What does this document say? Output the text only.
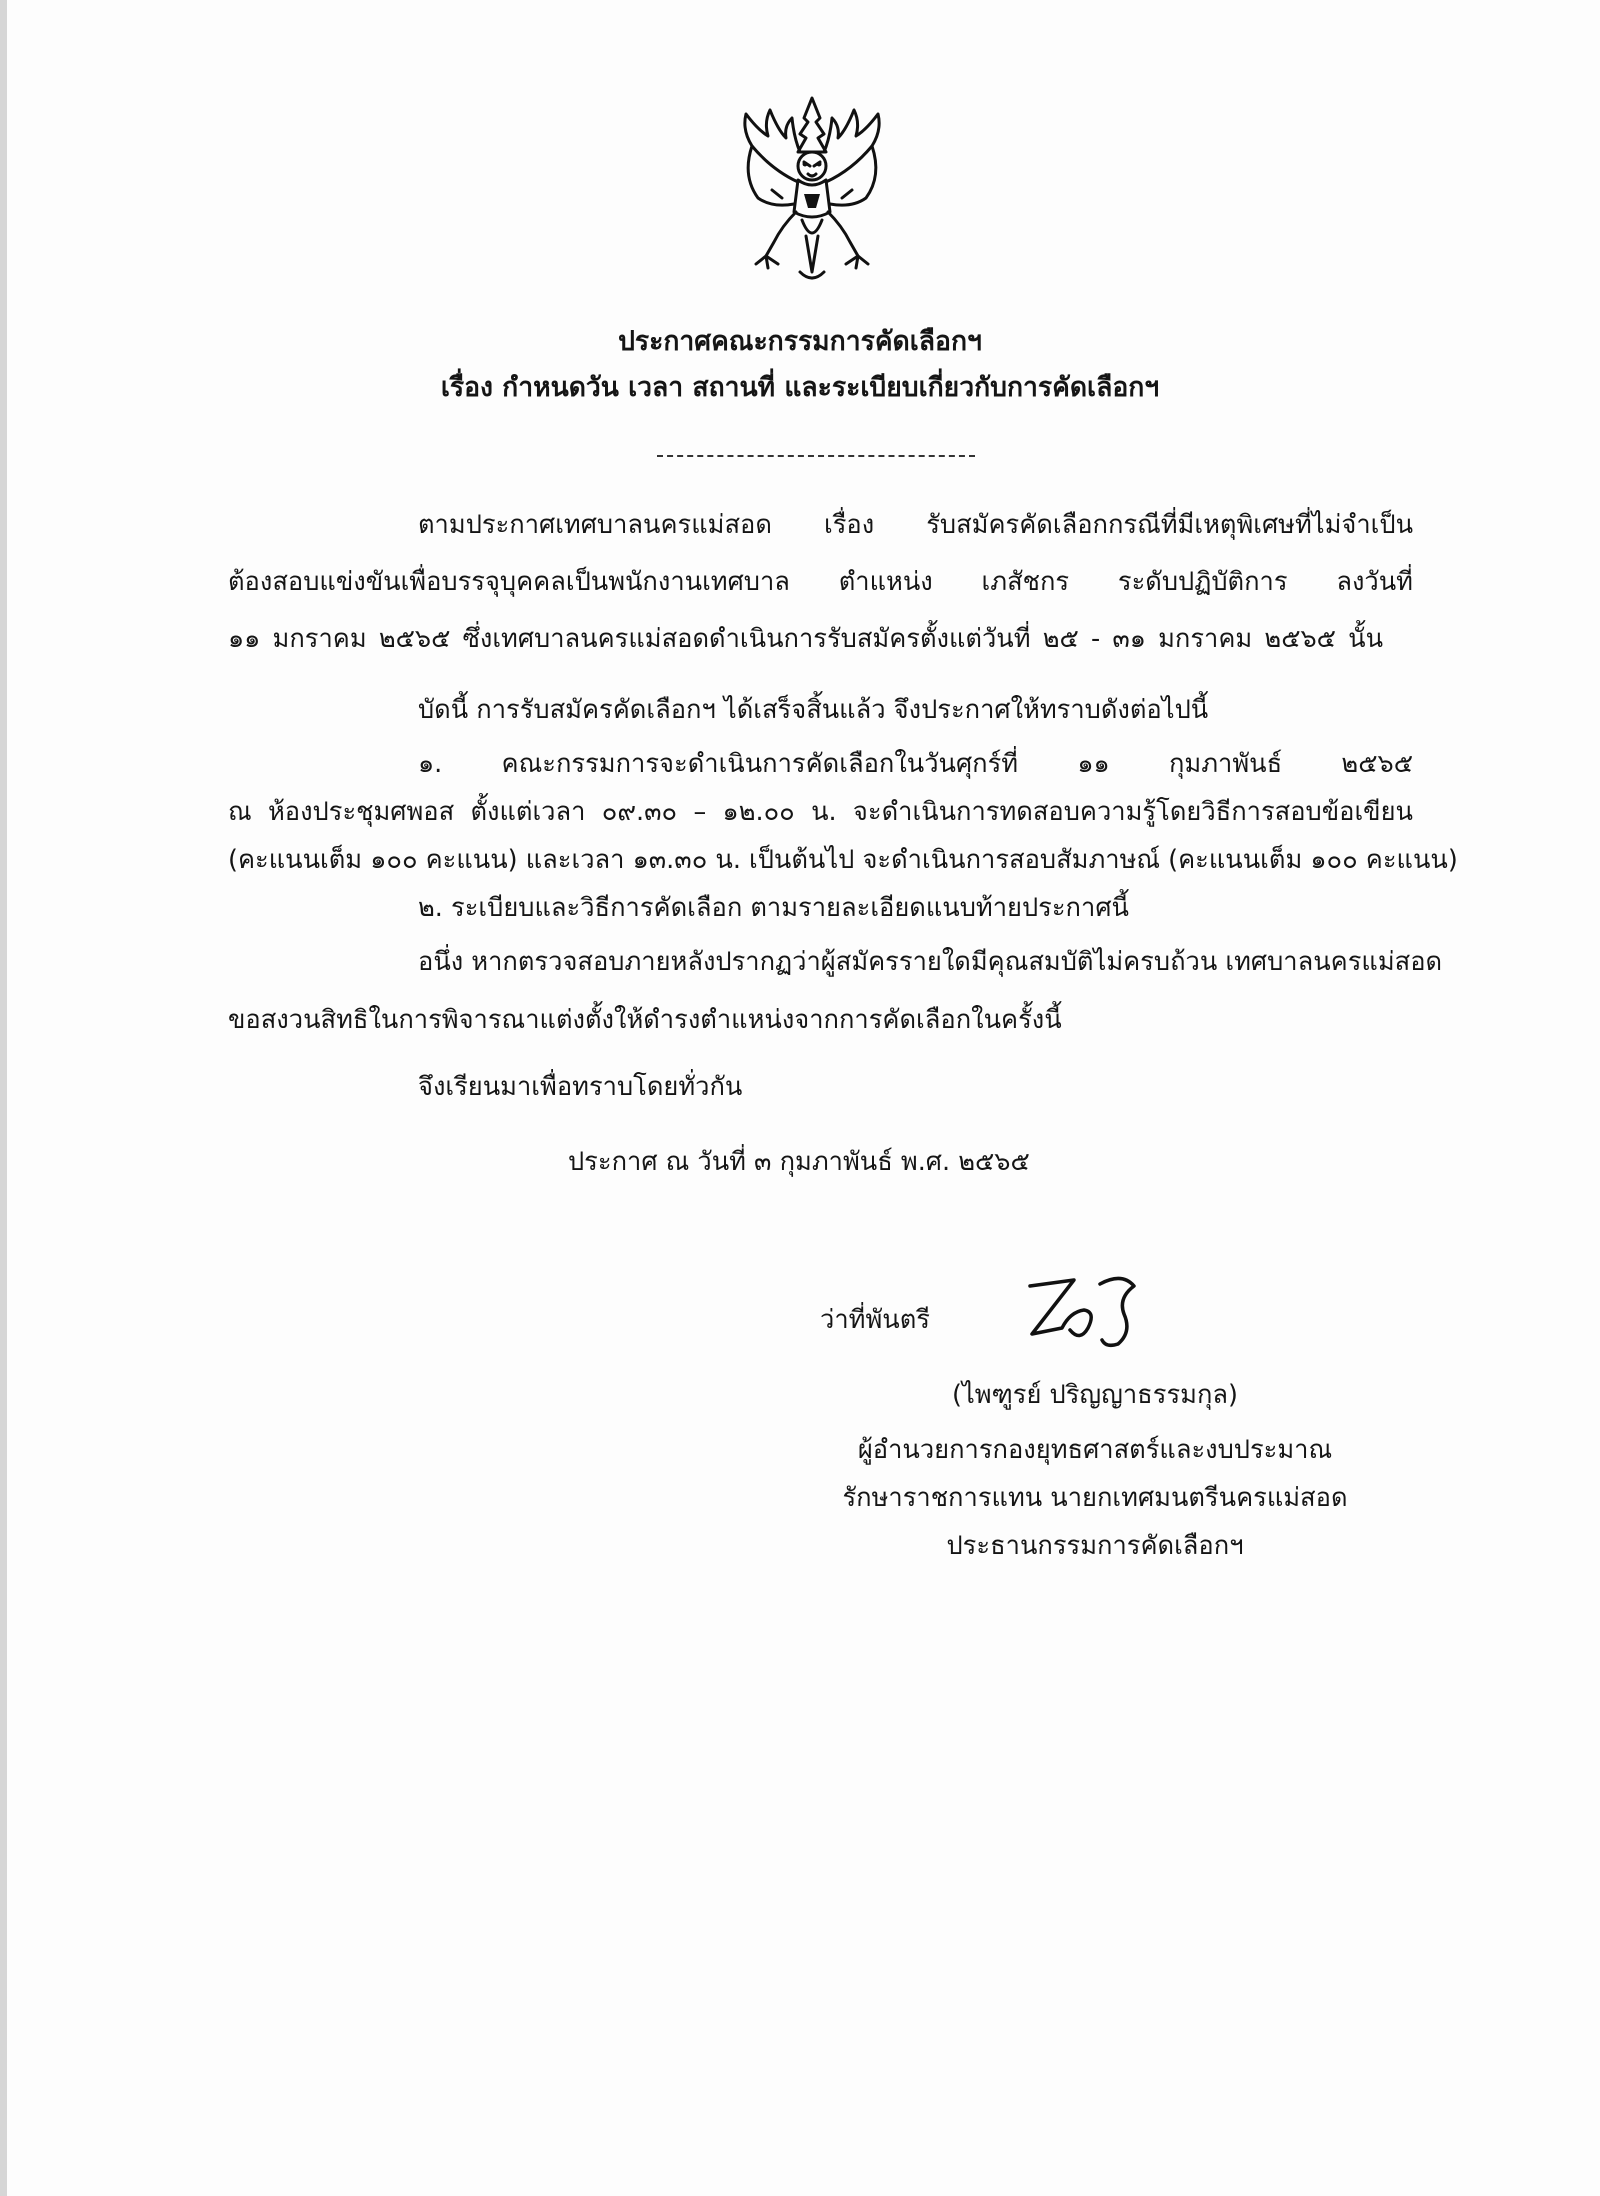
ประกาศคณะกรรมการคัดเลือกฯ

เรื่อง กำหนดวัน เวลา สถานที่ และระเบียบเกี่ยวกับการคัดเลือกฯ

ตามประกาศเทศบาลนครแม่สอด เรื่อง รับสมัครคัดเลือกกรณีที่มีเหตุพิเศษที่ไม่จำเป็น

ต้องสอบแข่งขันเพื่อบรรจุบุคคลเป็นพนักงานเทศบาล ตำแหน่ง เภสัชกร ระดับปฏิบัติการ ลงวันที่

๑๑ มกราคม ๒๕๖๕ ซึ่งเทศบาลนครแม่สอดดำเนินการรับสมัครตั้งแต่วันที่ ๒๕ - ๓๑ มกราคม ๒๕๖๕ นั้น

บัดนี้ การรับสมัครคัดเลือกฯ ได้เสร็จสิ้นแล้ว จึงประกาศให้ทราบดังต่อไปนี้

๑. คณะกรรมการจะดำเนินการคัดเลือกในวันศุกร์ที่ ๑๑ กุมภาพันธ์ ๒๕๖๕

ณ ห้องประชุมศพอส ตั้งแต่เวลา ๐๙.๓๐ – ๑๒.๐๐ น. จะดำเนินการทดสอบความรู้โดยวิธีการสอบข้อเขียน

(คะแนนเต็ม ๑๐๐ คะแนน) และเวลา ๑๓.๓๐ น. เป็นต้นไป จะดำเนินการสอบสัมภาษณ์ (คะแนนเต็ม ๑๐๐ คะแนน)

๒. ระเบียบและวิธีการคัดเลือก ตามรายละเอียดแนบท้ายประกาศนี้

อนึ่ง หากตรวจสอบภายหลังปรากฏว่าผู้สมัครรายใดมีคุณสมบัติไม่ครบถ้วน เทศบาลนครแม่สอด

ขอสงวนสิทธิในการพิจารณาแต่งตั้งให้ดำรงตำแหน่งจากการคัดเลือกในครั้งนี้

จึงเรียนมาเพื่อทราบโดยทั่วกัน

ประกาศ ณ วันที่ ๓ กุมภาพันธ์ พ.ศ. ๒๕๖๕

ว่าที่พันตรี

(ไพฑูรย์ ปริญญาธรรมกุล)

ผู้อำนวยการกองยุทธศาสตร์และงบประมาณ

รักษาราชการแทน นายกเทศมนตรีนครแม่สอด

ประธานกรรมการคัดเลือกฯ
